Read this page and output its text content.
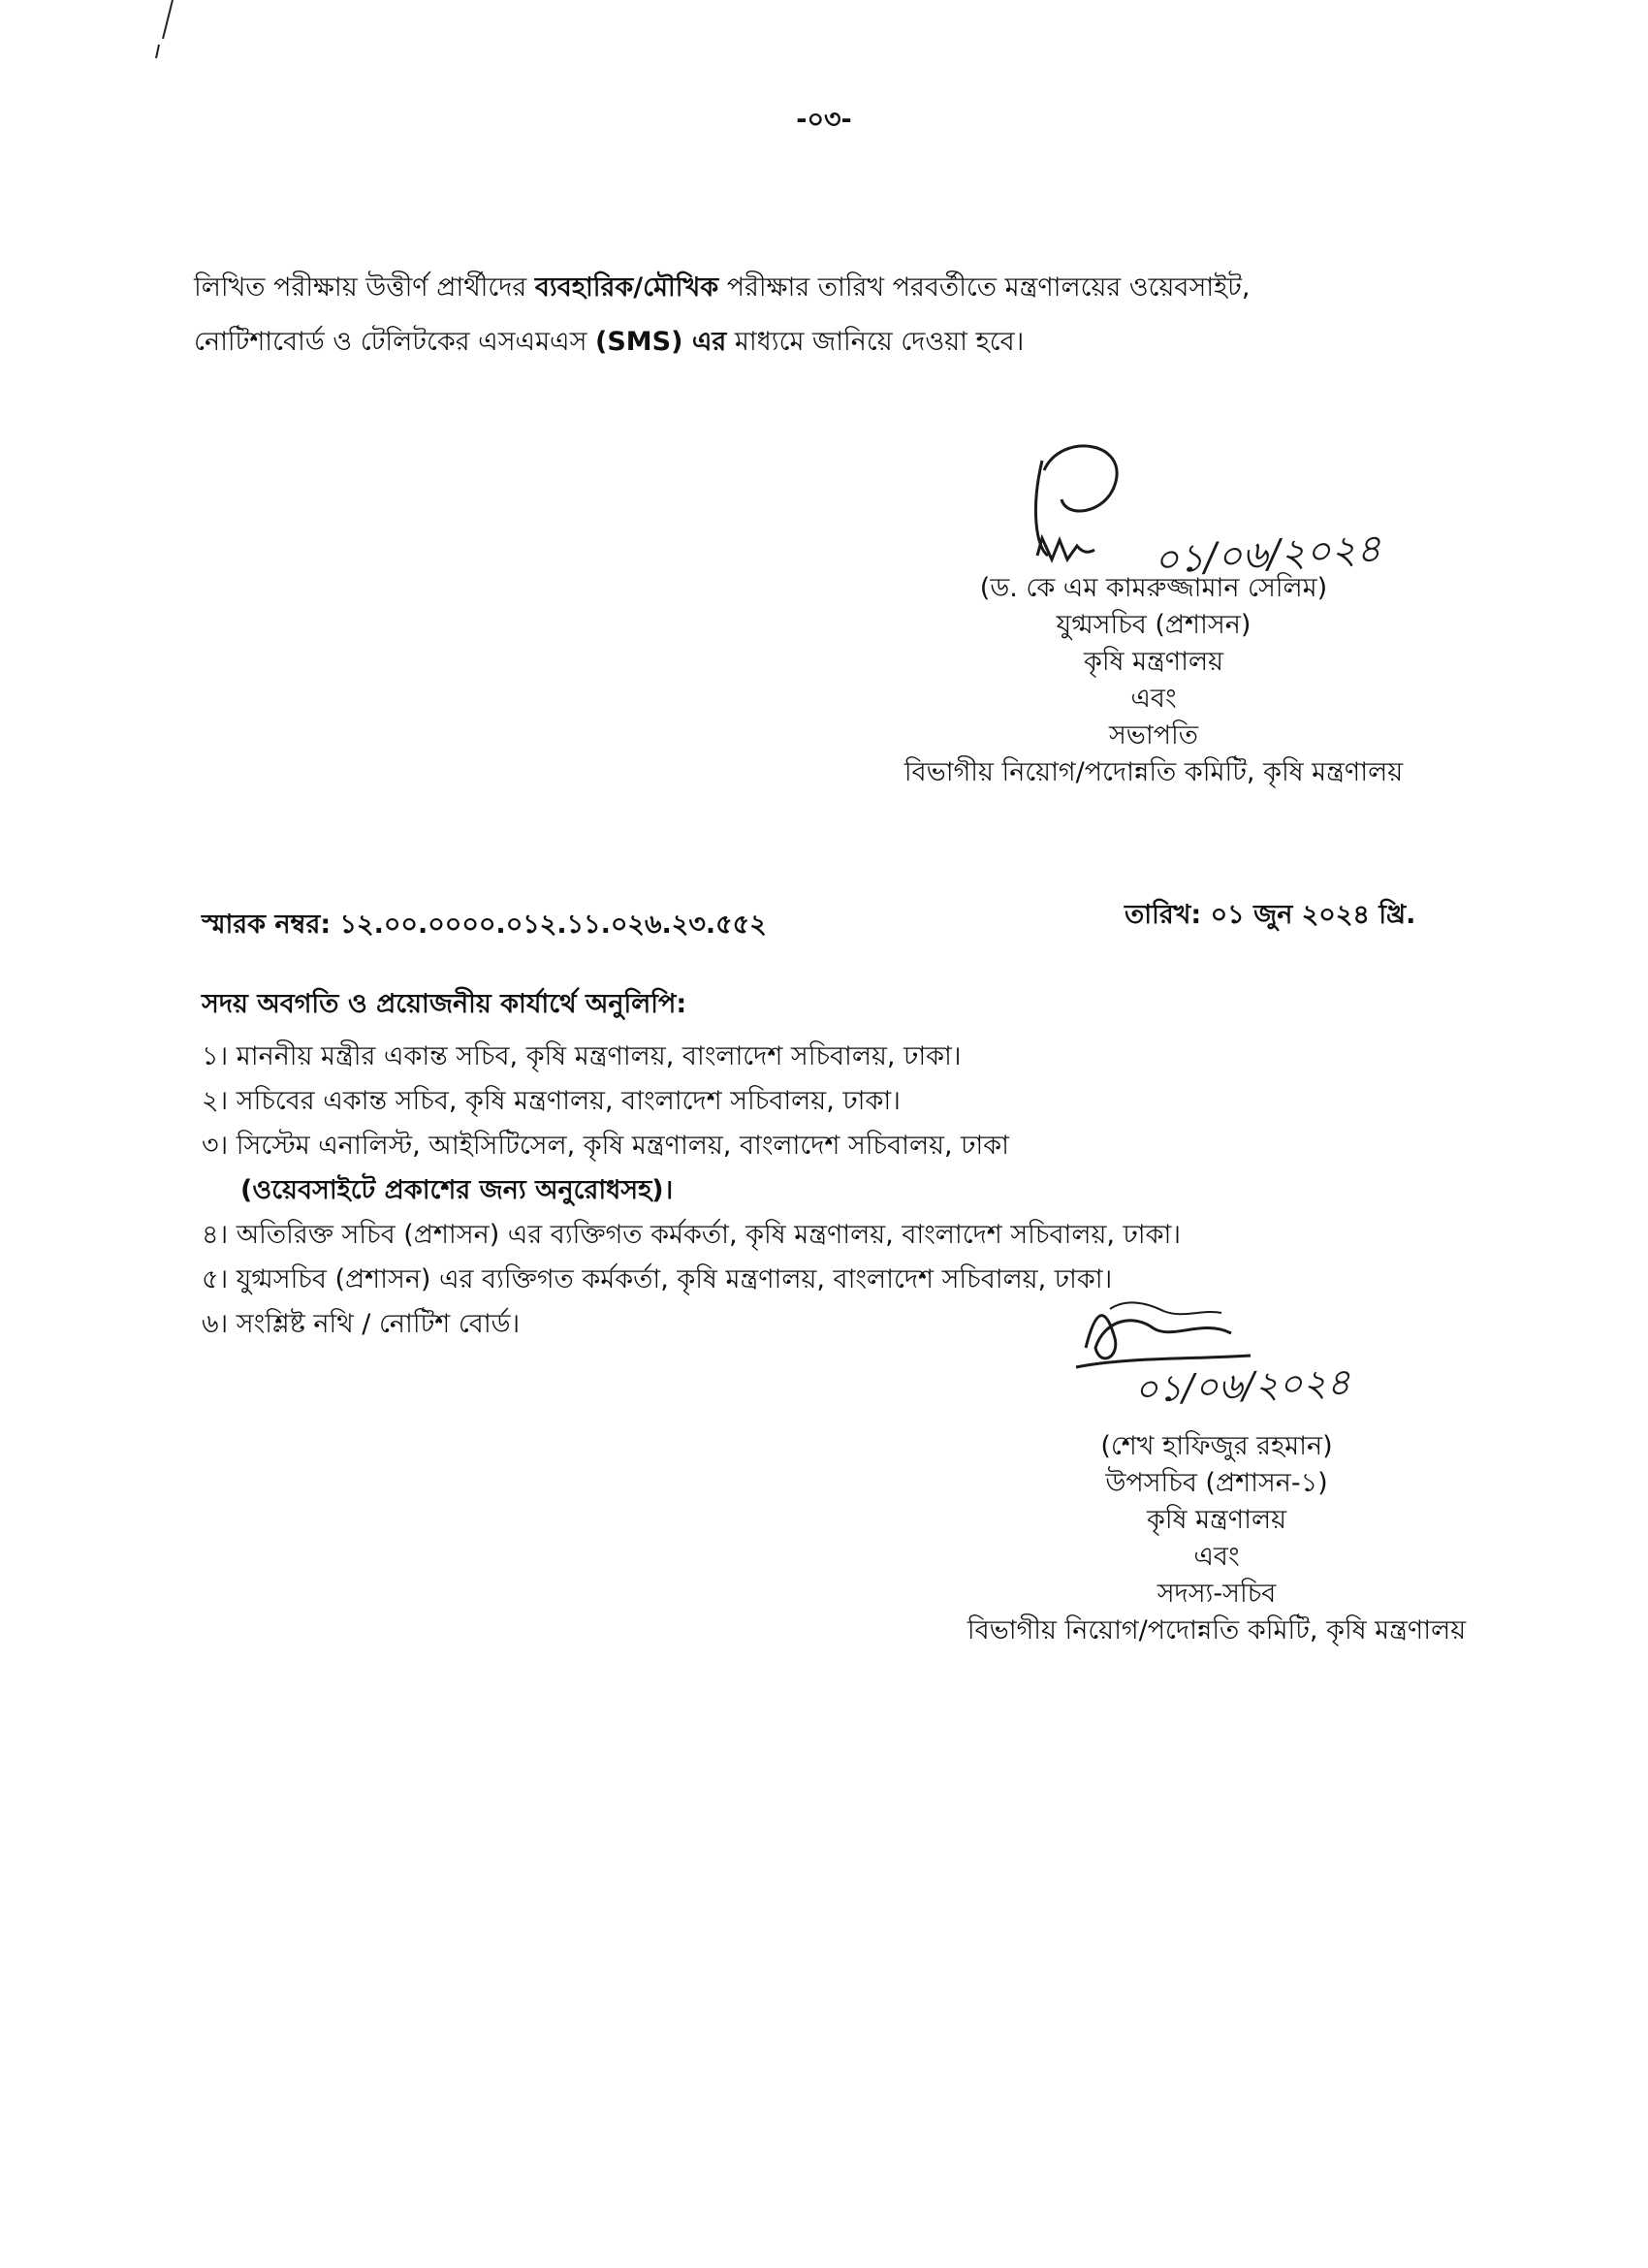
-০৩-
লিখিত পরীক্ষায় উত্তীর্ণ প্রার্থীদের ব্যবহারিক/মৌখিক পরীক্ষার তারিখ পরবর্তীতে মন্ত্রণালয়ের ওয়েবসাইট,
নোটিশাবোর্ড ও টেলিটকের এসএমএস (SMS) এর মাধ্যমে জানিয়ে দেওয়া হবে।
০১/০৬/২০২৪
(ড. কে এম কামরুজ্জামান সেলিম)
যুগ্মসচিব (প্রশাসন)
কৃষি মন্ত্রণালয়
এবং
সভাপতি
বিভাগীয় নিয়োগ/পদোন্নতি কমিটি, কৃষি মন্ত্রণালয়
স্মারক নম্বর: ১২.০০.০০০০.০১২.১১.০২৬.২৩.৫৫২	তারিখ: ০১ জুন ২০২৪ খ্রি.
সদয় অবগতি ও প্রয়োজনীয় কার্যার্থে অনুলিপি:
১। মাননীয় মন্ত্রীর একান্ত সচিব, কৃষি মন্ত্রণালয়, বাংলাদেশ সচিবালয়, ঢাকা।
২। সচিবের একান্ত সচিব, কৃষি মন্ত্রণালয়, বাংলাদেশ সচিবালয়, ঢাকা।
৩। সিস্টেম এনালিস্ট, আইসিটিসেল, কৃষি মন্ত্রণালয়, বাংলাদেশ সচিবালয়, ঢাকা
(ওয়েবসাইটে প্রকাশের জন্য অনুরোধসহ)।
৪। অতিরিক্ত সচিব (প্রশাসন) এর ব্যক্তিগত কর্মকর্তা, কৃষি মন্ত্রণালয়, বাংলাদেশ সচিবালয়, ঢাকা।
৫। যুগ্মসচিব (প্রশাসন) এর ব্যক্তিগত কর্মকর্তা, কৃষি মন্ত্রণালয়, বাংলাদেশ সচিবালয়, ঢাকা।
৬। সংশ্লিষ্ট নথি / নোটিশ বোর্ড।
০১/০৬/২০২৪
(শেখ হাফিজুর রহমান)
উপসচিব (প্রশাসন-১)
কৃষি মন্ত্রণালয়
এবং
সদস্য-সচিব
বিভাগীয় নিয়োগ/পদোন্নতি কমিটি, কৃষি মন্ত্রণালয়
